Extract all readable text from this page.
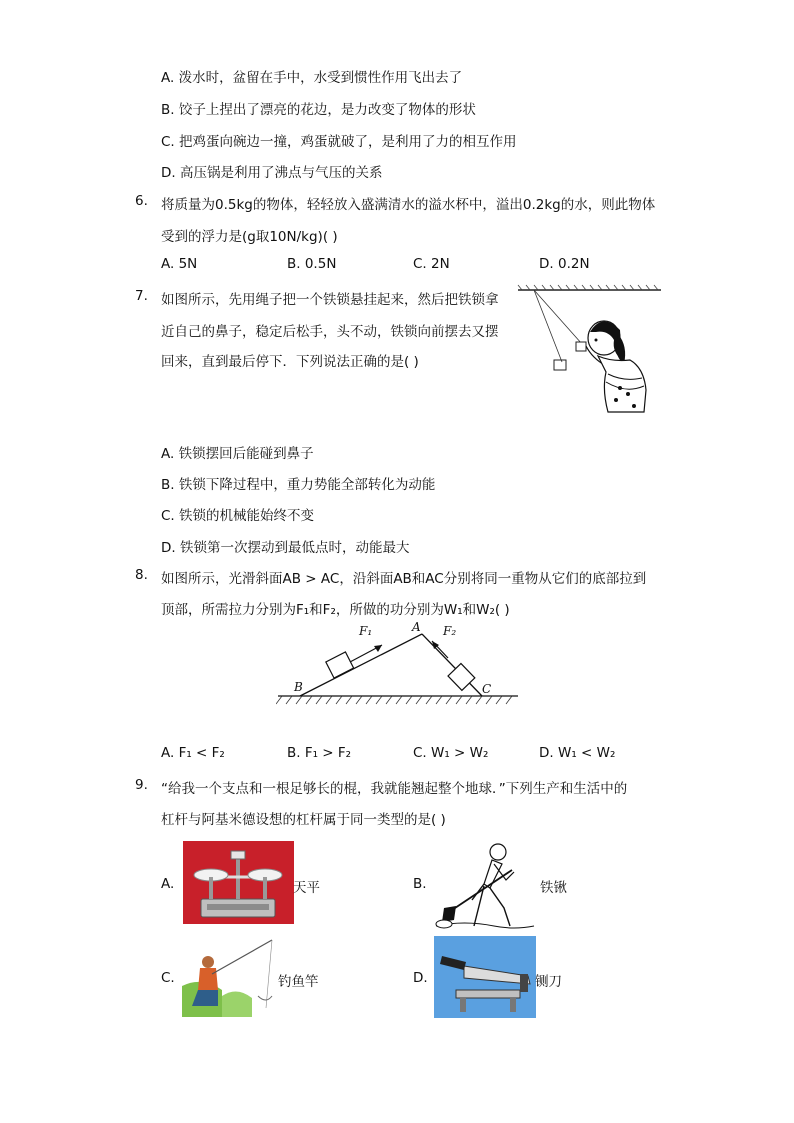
A. 泼水时，盆留在手中，水受到惯性作用飞出去了
B. 饺子上捏出了漂亮的花边，是力改变了物体的形状
C. 把鸡蛋向碗边一撞，鸡蛋就破了，是利用了力的相互作用
D. 高压锅是利用了沸点与气压的关系
6. 将质量为0.5kg的物体，轻轻放入盛满清水的溢水杯中，溢出0.2kg的水，则此物体
受到的浮力是(g取10N/kg)( )
A. 5N	B. 0.5N	C. 2N	D. 0.2N
7. 如图所示，先用绳子把一个铁锁悬挂起来，然后把铁锁拿
近自己的鼻子，稳定后松手，头不动，铁锁向前摆去又摆
回来，直到最后停下．下列说法正确的是( )
A. 铁锁摆回后能碰到鼻子
B. 铁锁下降过程中，重力势能全部转化为动能
C. 铁锁的机械能始终不变
D. 铁锁第一次摆动到最低点时，动能最大
8. 如图所示，光滑斜面AB > AC，沿斜面AB和AC分别将同一重物从它们的底部拉到
顶部，所需拉力分别为F₁和F₂，所做的功分别为W₁和W₂( )
F₁	F₂
A
B	C
A. F₁ < F₂	B. F₁ > F₂	C. W₁ > W₂	D. W₁ < W₂
9. “给我一个支点和一根足够长的棍，我就能翘起整个地球．”下列生产和生活中的
杠杆与阿基米德设想的杠杆属于同一类型的是( )
A.	天平	B.	铁锹
C.	钓鱼竿	D.	铡刀
